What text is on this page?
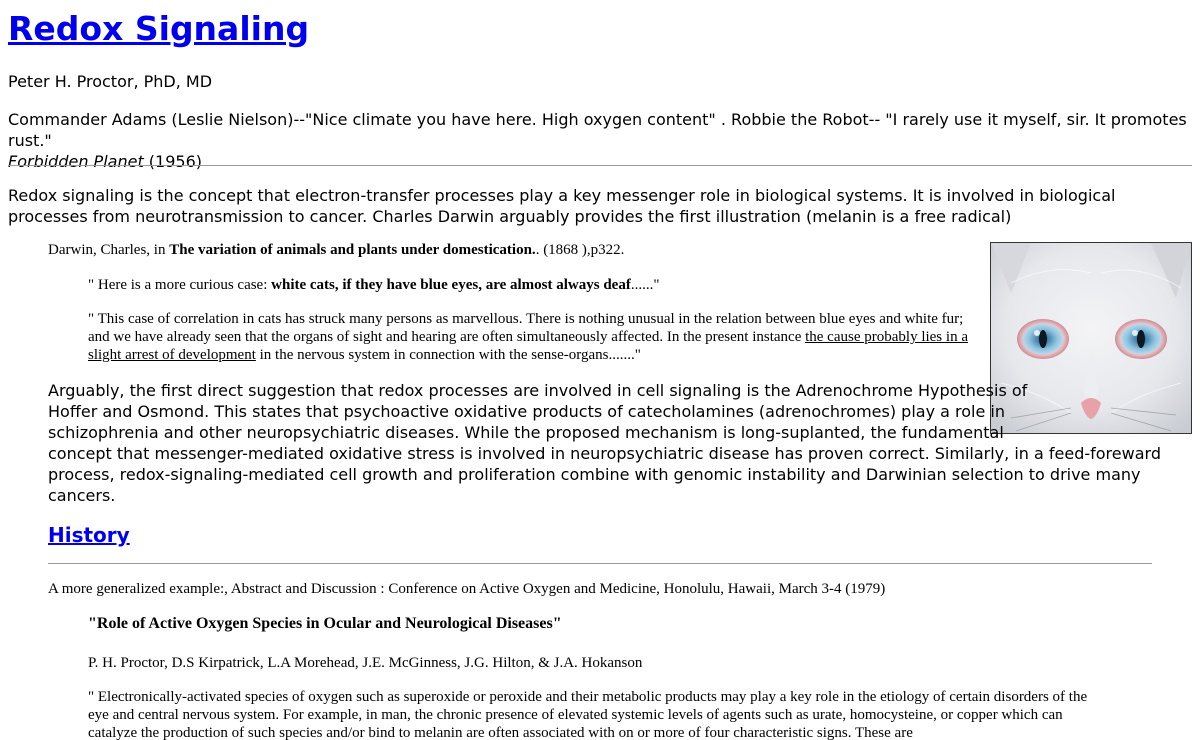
Redox Signaling
Peter H. Proctor, PhD, MD
Commander Adams (Leslie Nielson)--"Nice climate you have here. High oxygen content" . Robbie the Robot-- "I rarely use it myself, sir. It promotes rust."
Forbidden Planet (1956)
Redox signaling is the concept that electron-transfer processes play a key messenger role in biological systems. It is involved in biological processes from neurotransmission to cancer. Charles Darwin arguably provides the first illustration (melanin is a free radical)
Darwin, Charles, in The variation of animals and plants under domestication.. (1868 ),p322.
" Here is a more curious case: white cats, if they have blue eyes, are almost always deaf......"
" This case of correlation in cats has struck many persons as marvellous. There is nothing unusual in the relation between blue eyes and white fur; and we have already seen that the organs of sight and hearing are often simultaneously affected. In the present instance the cause probably lies in a slight arrest of development in the nervous system in connection with the sense-organs......."
Arguably, the first direct suggestion that redox processes are involved in cell signaling is the Adrenochrome Hypothesis of
Hoffer and Osmond. This states that psychoactive oxidative products of catecholamines (adrenochromes) play a role in
schizophrenia and other neuropsychiatric diseases. While the proposed mechanism is long-suplanted, the fundamental
concept that messenger-mediated oxidative stress is involved in neuropsychiatric disease has proven correct. Similarly, in a feed-foreward
process, redox-signaling-mediated cell growth and proliferation combine with genomic instability and Darwinian selection to drive many
cancers.
History
A more generalized example:, Abstract and Discussion : Conference on Active Oxygen and Medicine, Honolulu, Hawaii, March 3-4 (1979)
"Role of Active Oxygen Species in Ocular and Neurological Diseases"
P. H. Proctor, D.S Kirpatrick, L.A Morehead, J.E. McGinness, J.G. Hilton, & J.A. Hokanson
" Electronically-activated species of oxygen such as superoxide or peroxide and their metabolic products may play a key role in the etiology of certain disorders of the eye and central nervous system. For example, in man, the chronic presence of elevated systemic levels of agents such as urate, homocysteine, or copper which can catalyze the production of such species and/or bind to melanin are often associated with on or more of four characteristic signs. These are
